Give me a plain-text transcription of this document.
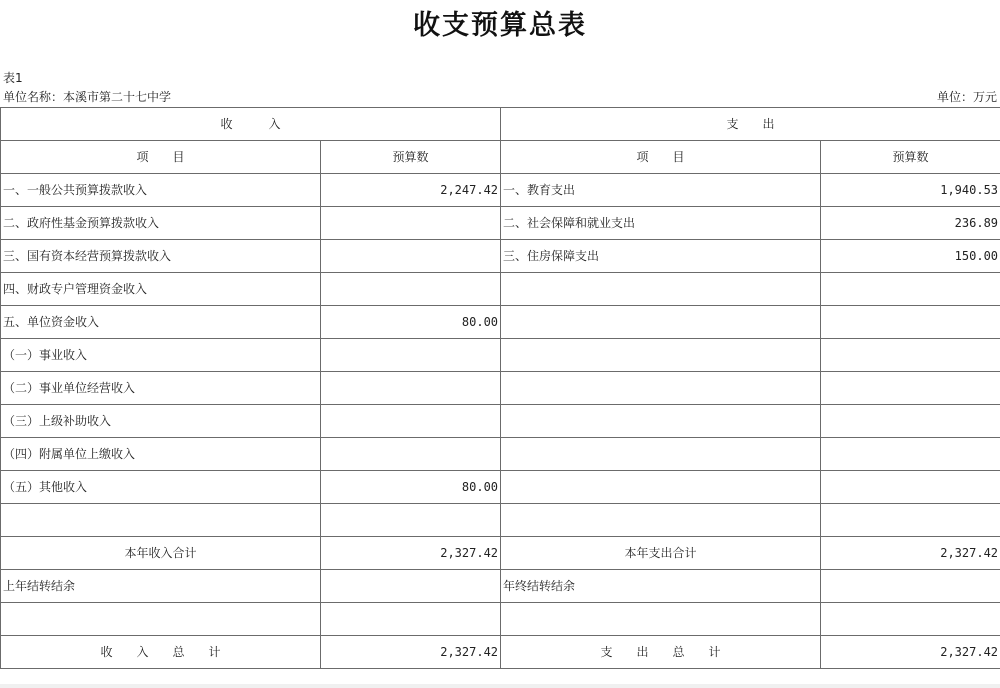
收支预算总表
表1
单位名称：本溪市第二十七中学	单位：万元
收　　　入		支　　出	
项　　目	预算数	项　　目	预算数
一、一般公共预算拨款收入	2,247.42	一、教育支出	1,940.53
二、政府性基金预算拨款收入		二、社会保障和就业支出	236.89
三、国有资本经营预算拨款收入		三、住房保障支出	150.00
四、财政专户管理资金收入			
五、单位资金收入	80.00		
（一）事业收入			
（二）事业单位经营收入			
（三）上级补助收入			
（四）附属单位上缴收入			
（五）其他收入	80.00		

本年收入合计	2,327.42	本年支出合计	2,327.42
上年结转结余		年终结转结余	

收　　入　　总　　计	2,327.42	支　　出　　总　　计	2,327.42
